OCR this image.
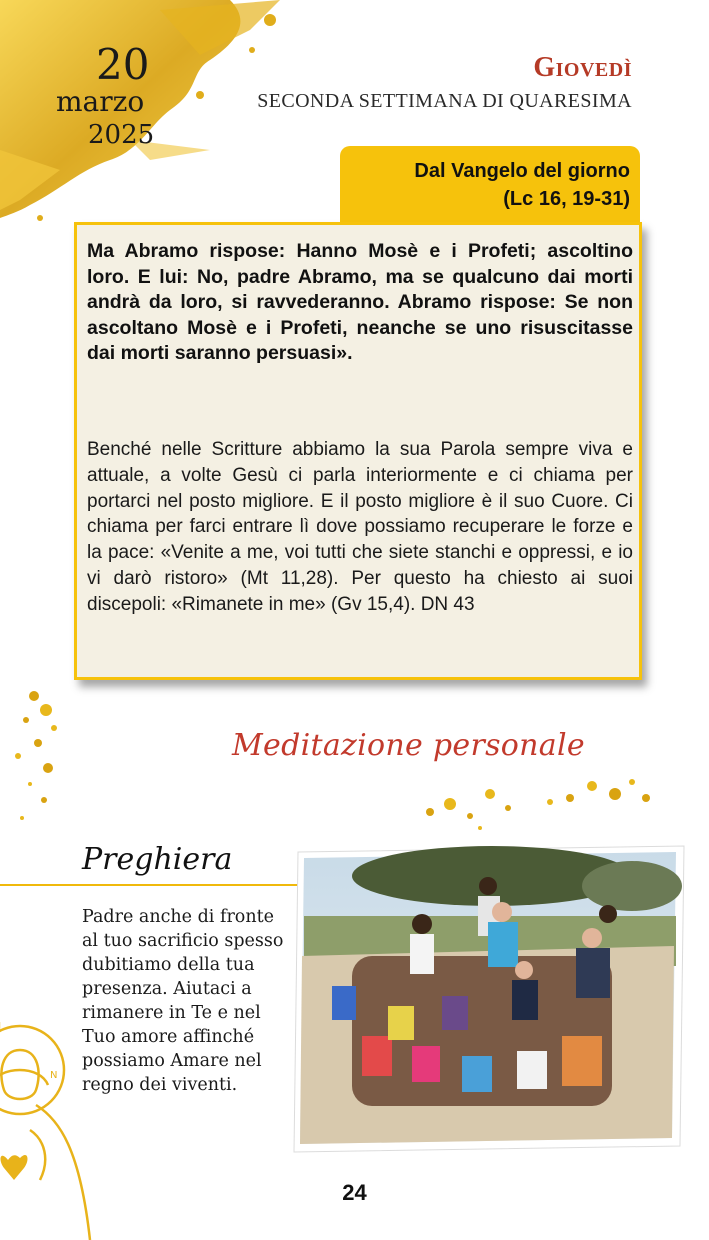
20
marzo
2025
Giovedì
SECONDA SETTIMANA DI QUARESIMA
Dal Vangelo del giorno
(Lc 16, 19-31)
Ma Abramo rispose: Hanno Mosè e i Profeti; ascoltino loro. E lui: No, padre Abramo, ma se qualcuno dai morti andrà da loro, si ravvederanno. Abramo rispose: Se non ascoltano Mosè e i Profeti, neanche se uno risuscitasse dai morti saranno persuasi».
Benché nelle Scritture abbiamo la sua Parola sempre viva e attuale, a volte Gesù ci parla interiormente e ci chiama per portarci nel posto migliore. E il posto migliore è il suo Cuore. Ci chiama per farci entrare lì dove possiamo recuperare le forze e la pace: «Venite a me, voi tutti che siete stanchi e oppressi, e io vi darò ristoro» (Mt 11,28). Per questo ha chiesto ai suoi discepoli: «Rimanete in me» (Gv 15,4). DN 43
Meditazione personale
Preghiera
Padre anche di fronte al tuo sacrificio spesso dubitiamo della tua presenza. Aiutaci a rimanere in Te e nel Tuo amore affinché possiamo Amare nel regno dei viventi.
N
24
